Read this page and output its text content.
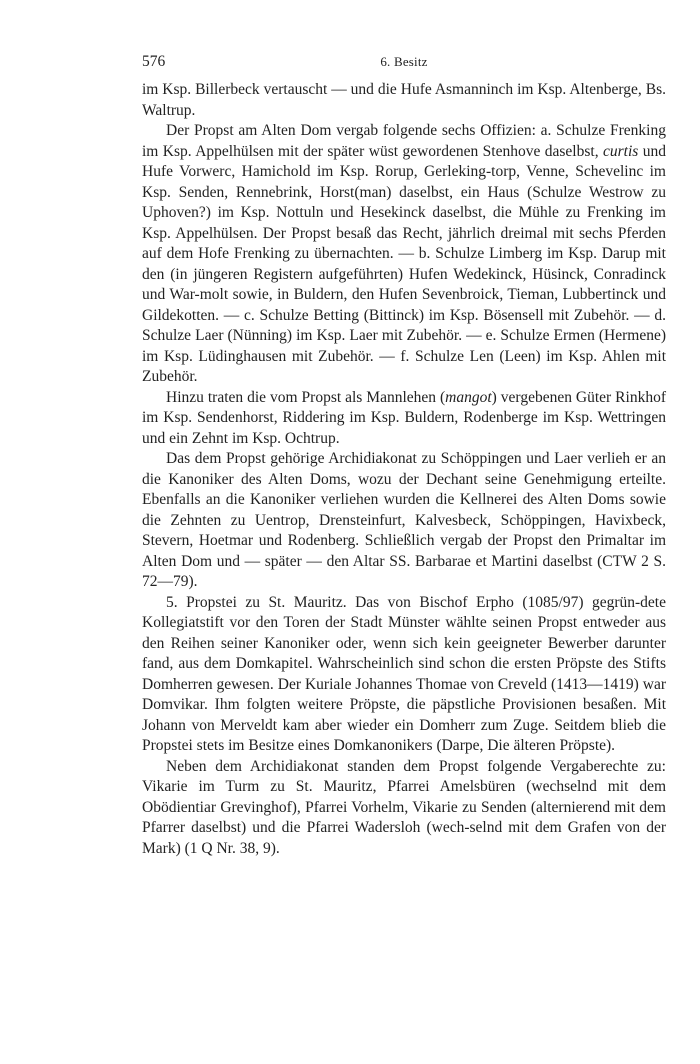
576	6. Besitz

im Ksp. Billerbeck vertauscht — und die Hufe Asmanninch im Ksp. Altenberge, Bs. Waltrup.

Der Propst am Alten Dom vergab folgende sechs Offizien: a. Schulze Frenking im Ksp. Appelhülsen mit der später wüst gewordenen Stenhove daselbst, curtis und Hufe Vorwerc, Hamichold im Ksp. Rorup, Gerleking-torp, Venne, Schevelinc im Ksp. Senden, Rennebrink, Horst(man) daselbst, ein Haus (Schulze Westrow zu Uphoven?) im Ksp. Nottuln und Hesekinck daselbst, die Mühle zu Frenking im Ksp. Appelhülsen. Der Propst besaß das Recht, jährlich dreimal mit sechs Pferden auf dem Hofe Frenking zu übernachten. — b. Schulze Limberg im Ksp. Darup mit den (in jüngeren Registern aufgeführten) Hufen Wedekinck, Hüsinck, Conradinck und War-molt sowie, in Buldern, den Hufen Sevenbroick, Tieman, Lubbertinck und Gildekotten. — c. Schulze Betting (Bittinck) im Ksp. Bösensell mit Zubehör. — d. Schulze Laer (Nünning) im Ksp. Laer mit Zubehör. — e. Schulze Ermen (Hermene) im Ksp. Lüdinghausen mit Zubehör. — f. Schulze Len (Leen) im Ksp. Ahlen mit Zubehör.

Hinzu traten die vom Propst als Mannlehen (mangot) vergebenen Güter Rinkhof im Ksp. Sendenhorst, Riddering im Ksp. Buldern, Rodenberge im Ksp. Wettringen und ein Zehnt im Ksp. Ochtrup.

Das dem Propst gehörige Archidiakonat zu Schöppingen und Laer verlieh er an die Kanoniker des Alten Doms, wozu der Dechant seine Genehmigung erteilte. Ebenfalls an die Kanoniker verliehen wurden die Kellnerei des Alten Doms sowie die Zehnten zu Uentrop, Drensteinfurt, Kalvesbeck, Schöppingen, Havixbeck, Stevern, Hoetmar und Rodenberg. Schließlich vergab der Propst den Primaltar im Alten Dom und — später — den Altar SS. Barbarae et Martini daselbst (CTW 2 S. 72—79).

5. Propstei zu St. Mauritz. Das von Bischof Erpho (1085/97) gegrün-dete Kollegiatstift vor den Toren der Stadt Münster wählte seinen Propst entweder aus den Reihen seiner Kanoniker oder, wenn sich kein geeigneter Bewerber darunter fand, aus dem Domkapitel. Wahrscheinlich sind schon die ersten Pröpste des Stifts Domherren gewesen. Der Kuriale Johannes Thomae von Creveld (1413—1419) war Domvikar. Ihm folgten weitere Pröpste, die päpstliche Provisionen besaßen. Mit Johann von Merveldt kam aber wieder ein Domherr zum Zuge. Seitdem blieb die Propstei stets im Besitze eines Domkanonikers (Darpe, Die älteren Pröpste).

Neben dem Archidiakonat standen dem Propst folgende Vergaberechte zu: Vikarie im Turm zu St. Mauritz, Pfarrei Amelsbüren (wechselnd mit dem Obödientiar Grevinghof), Pfarrei Vorhelm, Vikarie zu Senden (alternierend mit dem Pfarrer daselbst) und die Pfarrei Wadersloh (wech-selnd mit dem Grafen von der Mark) (1 Q Nr. 38, 9).
